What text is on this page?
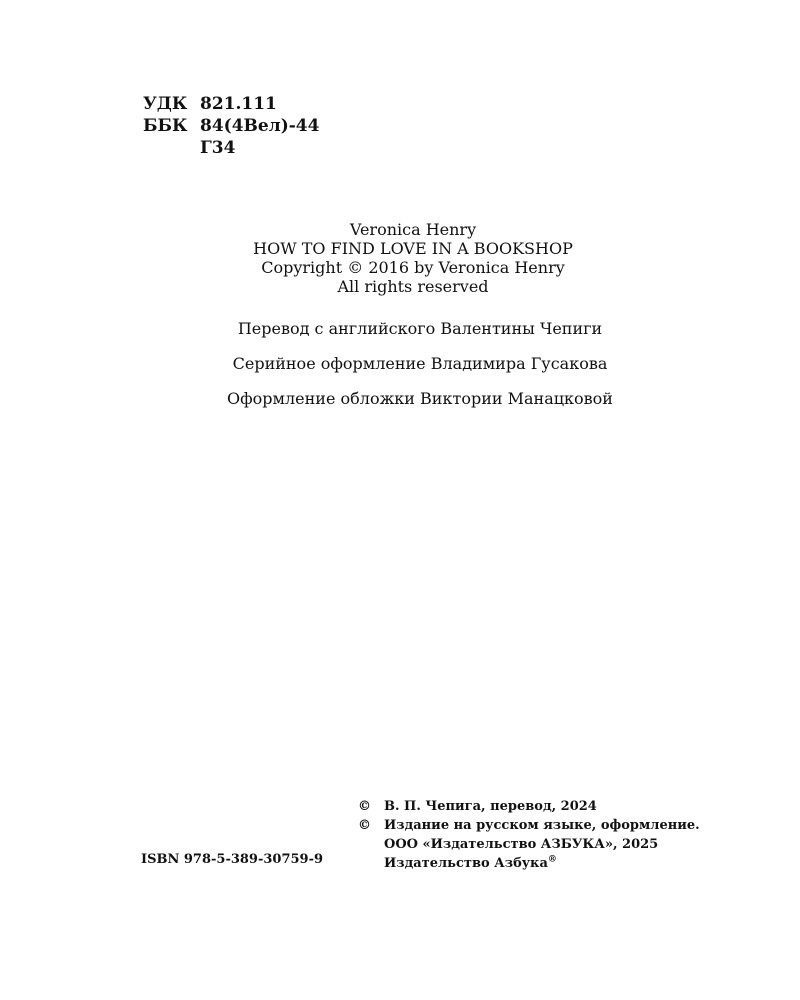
УДК 821.111
ББК 84(4Вел)-44
Г34
Veronica Henry
HOW TO FIND LOVE IN A BOOKSHOP
Copyright © 2016 by Veronica Henry
All rights reserved
Перевод с английского Валентины Чепиги
Серийное оформление Владимира Гусакова
Оформление обложки Виктории Манацковой
ISBN 978-5-389-30759-9
©	В. П. Чепига, перевод, 2024
©	Издание на русском языке, оформление.
ООО «Издательство АЗБУКА», 2025
Издательство Азбука®
